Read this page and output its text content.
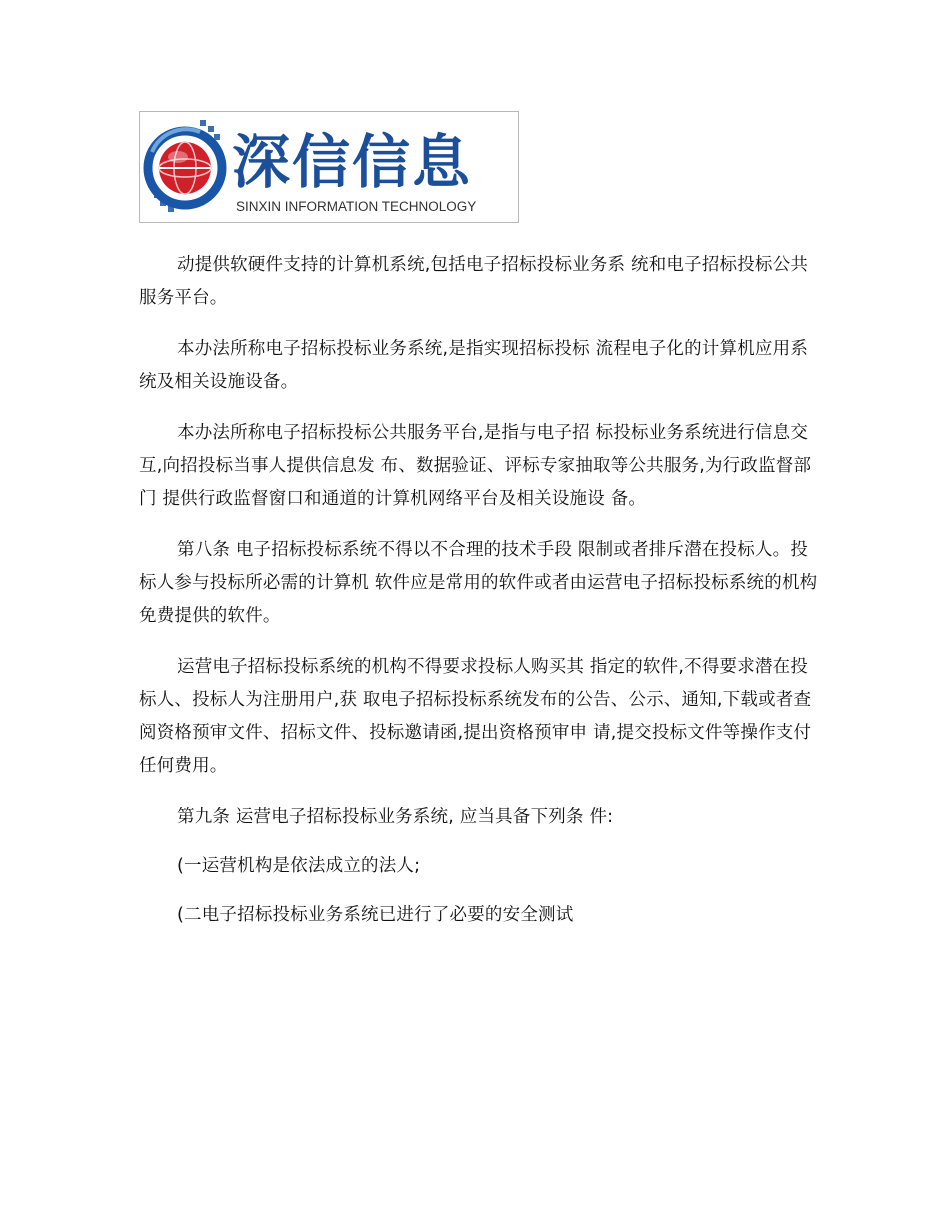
深信信息
SINXIN INFORMATION TECHNOLOGY

动提供软硬件支持的计算机系统,包括电子招标投标业务系 统和电子招标投标公共服务平台。

本办法所称电子招标投标业务系统,是指实现招标投标 流程电子化的计算机应用系统及相关设施设备。

本办法所称电子招标投标公共服务平台,是指与电子招 标投标业务系统进行信息交互,向招投标当事人提供信息发 布、数据验证、评标专家抽取等公共服务,为行政监督部门 提供行政监督窗口和通道的计算机网络平台及相关设施设 备。

第八条 电子招标投标系统不得以不合理的技术手段 限制或者排斥潜在投标人。投标人参与投标所必需的计算机 软件应是常用的软件或者由运营电子招标投标系统的机构 免费提供的软件。

运营电子招标投标系统的机构不得要求投标人购买其 指定的软件,不得要求潜在投标人、投标人为注册用户,获 取电子招标投标系统发布的公告、公示、通知,下载或者查 阅资格预审文件、招标文件、投标邀请函,提出资格预审申 请,提交投标文件等操作支付任何费用。

第九条 运营电子招标投标业务系统, 应当具备下列条 件:

(一运营机构是依法成立的法人;

(二电子招标投标业务系统已进行了必要的安全测试
